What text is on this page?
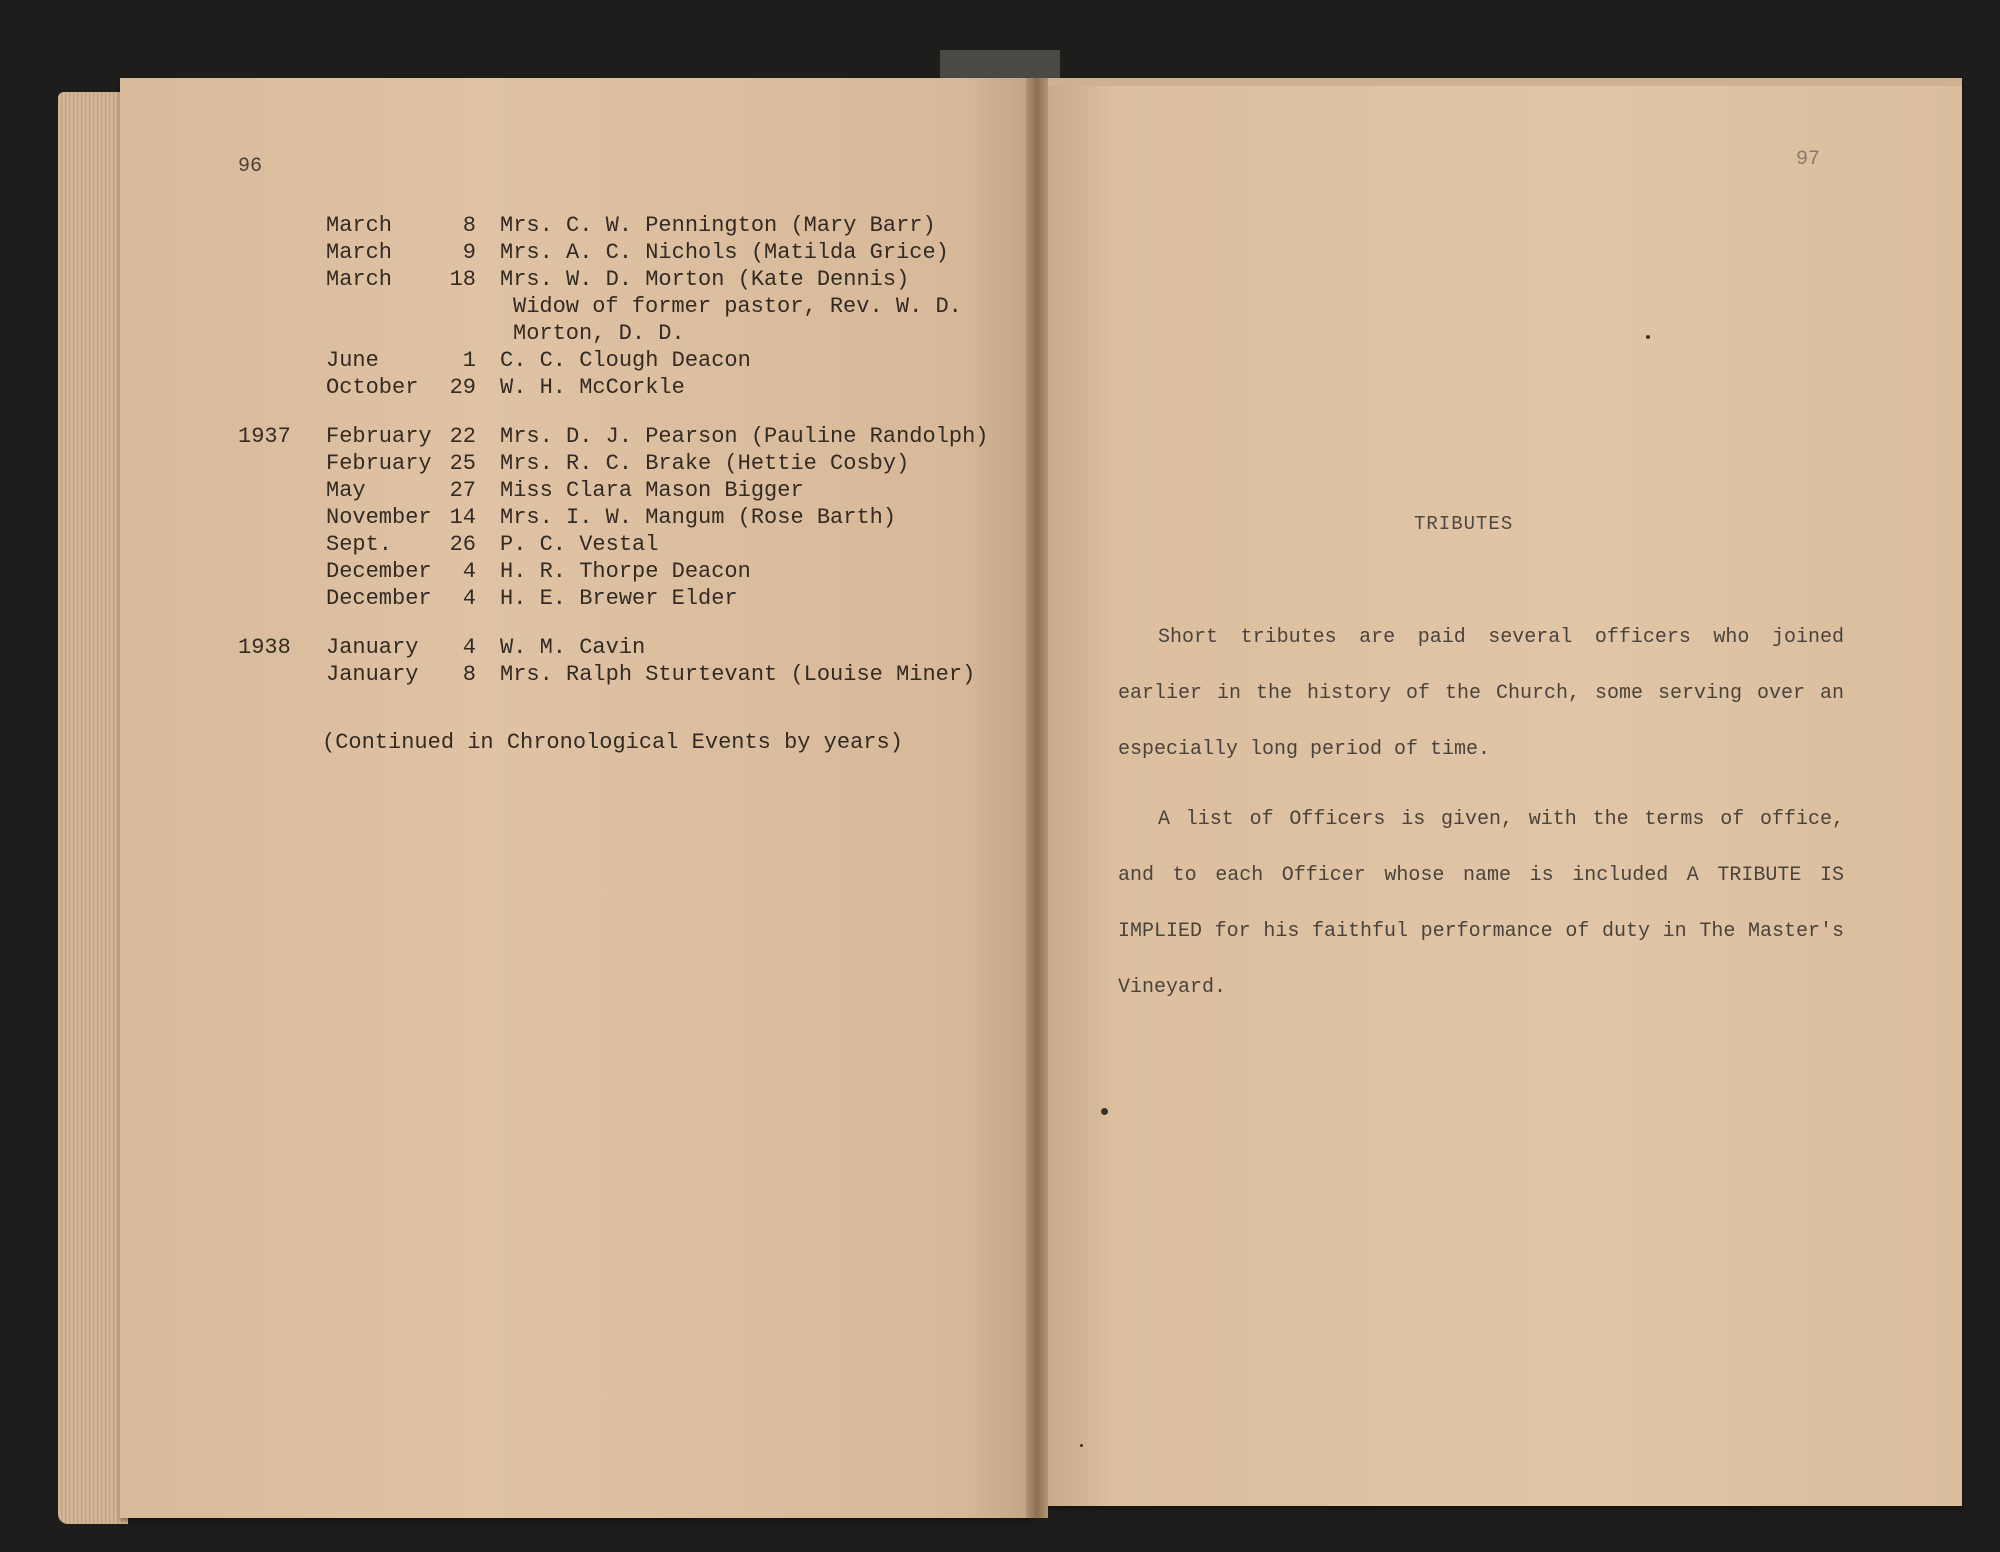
96	97
March	8 Mrs. C. W. Pennington (Mary Barr)
March	9 Mrs. A. C. Nichols (Matilda Grice)
March	18 Mrs. W. D. Morton (Kate Dennis)
Widow of former pastor, Rev. W. D.
Morton, D. D.
June	1 C. C. Clough Deacon
October	29 W. H. McCorkle
1937 February 22 Mrs. D. J. Pearson (Pauline Randolph)
February 25 Mrs. R. C. Brake (Hettie Cosby)
May	27 Miss Clara Mason Bigger
November 14 Mrs. I. W. Mangum (Rose Barth)
Sept.	26 P. C. Vestal
December	4 H. R. Thorpe Deacon
December	4 H. E. Brewer Elder
1938 January	4 W. M. Cavin
January	8 Mrs. Ralph Sturtevant (Louise Miner)
(Continued in Chronological Events by years)
TRIBUTES
Short tributes are paid several officers who joined earlier in the history of the Church, some serving over an especially long period of time.
A list of Officers is given, with the terms of office, and to each Officer whose name is included A TRIBUTE IS IMPLIED for his faithful performance of duty in The Master's Vineyard.
